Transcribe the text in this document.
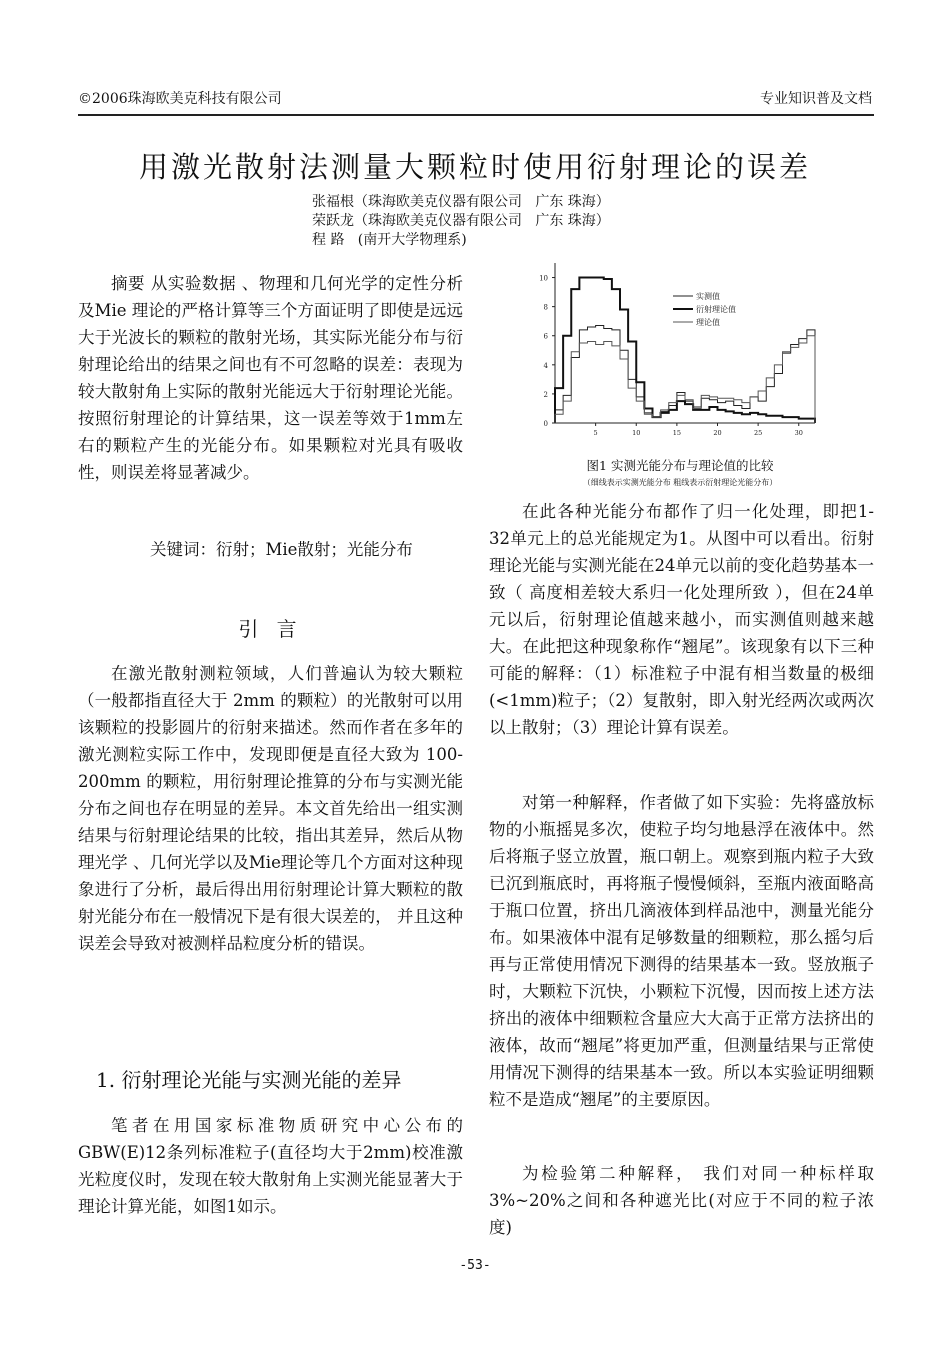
©2006珠海欧美克科技有限公司	专业知识普及文档
用激光散射法测量大颗粒时使用衍射理论的误差
张福根（珠海欧美克仪器有限公司   广东 珠海）
荣跃龙（珠海欧美克仪器有限公司   广东 珠海）
程 路   (南开大学物理系)
摘要 从实验数据 、物理和几何光学的定性分析及Mie 理论的严格计算等三个方面证明了即使是远远大于光波长的颗粒的散射光场，其实际光能分布与衍射理论给出的结果之间也有不可忽略的误差：表现为较大散射角上实际的散射光能远大于衍射理论光能。按照衍射理论的计算结果，这一误差等效于1mm左右的颗粒产生的光能分布。如果颗粒对光具有吸收性，则误差将显著减少。
关键词：衍射；Mie散射；光能分布
引 言
在激光散射测粒领域，人们普遍认为较大颗粒（一般都指直径大于 2mm 的颗粒）的光散射可以用该颗粒的投影圆片的衍射来描述。然而作者在多年的激光测粒实际工作中，发现即便是直径大致为 100-200mm 的颗粒，用衍射理论推算的分布与实测光能分布之间也存在明显的差异。本文首先给出一组实测结果与衍射理论结果的比较，指出其差异，然后从物理光学 、几何光学以及Mie理论等几个方面对这种现象进行了分析，最后得出用衍射理论计算大颗粒的散射光能分布在一般情况下是有很大误差的， 并且这种误差会导致对被测样品粒度分析的错误。
1. 衍射理论光能与实测光能的差异
笔者在用国家标准物质研究中心公布的GBW(E)12条列标准粒子(直径均大于2mm)校准激光粒度仪时，发现在较大散射角上实测光能显著大于理论计算光能，如图1如示。
0
2
4
6
8
10
5	10	15	20	25	30
实测值
衍射理论值
理论值
图1 实测光能分布与理论值的比较
（细线表示实测光能分布 粗线表示衍射理论光能分布）
在此各种光能分布都作了归一化处理，即把1- 32单元上的总光能规定为1。从图中可以看出。衍射理论光能与实测光能在24单元以前的变化趋势基本一致（ 高度相差较大系归一化处理所致 ），但在24单元以后，衍射理论值越来越小，而实测值则越来越大。在此把这种现象称作“翘尾”。该现象有以下三种可能的解释：（1）标准粒子中混有相当数量的极细(<1mm)粒子；（2）复散射，即入射光经两次或两次以上散射；（3）理论计算有误差。
对第一种解释，作者做了如下实验：先将盛放标物的小瓶摇晃多次，使粒子均匀地悬浮在液体中。然后将瓶子竖立放置，瓶口朝上。观察到瓶内粒子大致已沉到瓶底时，再将瓶子慢慢倾斜，至瓶内液面略高于瓶口位置，挤出几滴液体到样品池中，测量光能分布。如果液体中混有足够数量的细颗粒，那么摇匀后再与正常使用情况下测得的结果基本一致。竖放瓶子时，大颗粒下沉快，小颗粒下沉慢，因而按上述方法挤出的液体中细颗粒含量应大大高于正常方法挤出的液体，故而“翘尾”将更加严重，但测量结果与正常使用情况下测得的结果基本一致。所以本实验证明细颗粒不是造成“翘尾”的主要原因。
为检验第二种解释， 我们对同一种标样取3%~20%之间和各种遮光比(对应于不同的粒子浓度)
-53-
